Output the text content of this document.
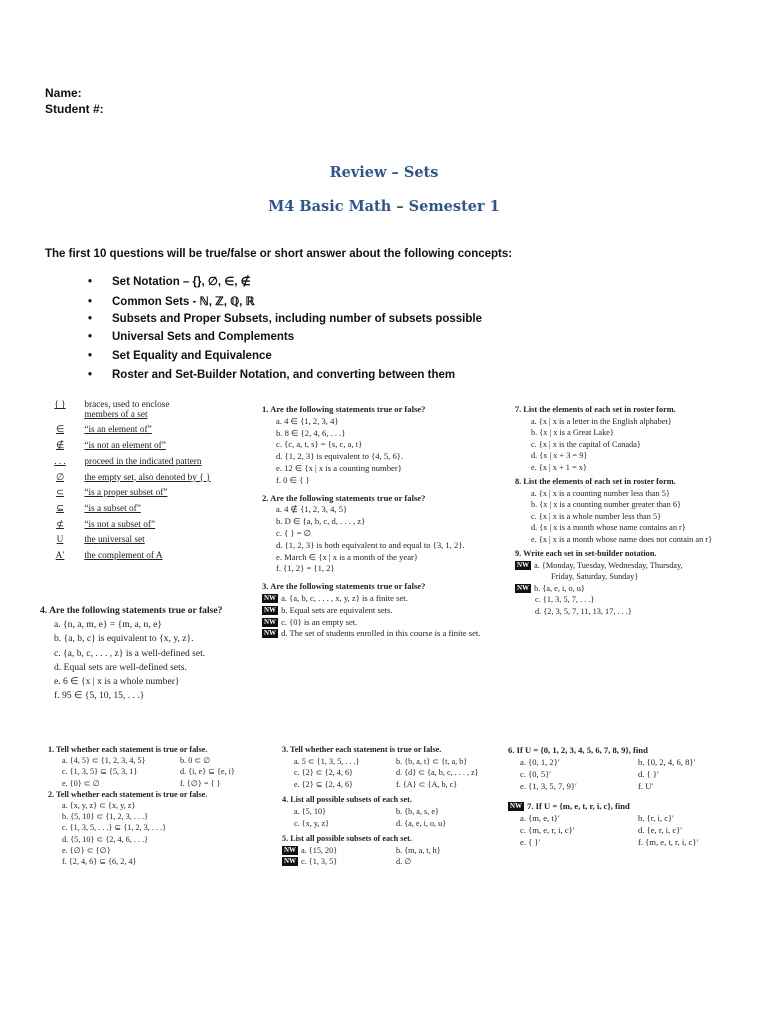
Name:
Student #:
Review – Sets
M4 Basic Math – Semester 1
The first 10 questions will be true/false or short answer about the following concepts:
• Set Notation – {}, ∅, ∈, ∉
• Common Sets - ℕ, ℤ, ℚ, ℝ
• Subsets and Proper Subsets, including number of subsets possible
• Universal Sets and Complements
• Set Equality and Equivalence
• Roster and Set-Builder Notation, and converting between them
{ } braces, used to enclose
members of a set
∈ “is an element of”
∉ “is not an element of”
. . . proceed in the indicated pattern
∅ the empty set, also denoted by { }
⊂ “is a proper subset of”
⊆ “is a subset of”
⊄ “is not a subset of”
U the universal set
A′ the complement of A
4. Are the following statements true or false?
a. {n, a, m, e} = {m, a, n, e}
b. {a, b, c} is equivalent to {x, y, z}.
c. {a, b, c, . . . , z} is a well-defined set.
d. Equal sets are well-defined sets.
e. 6 ∈ {x | x is a whole number}
f. 95 ∈ {5, 10, 15, . . .}
1. Are the following statements true or false?
a. 4 ∈ {1, 2, 3, 4}
b. 8 ∈ {2, 4, 6, . . .}
c. {c, a, t, s} = {s, c, a, t}
d. {1, 2, 3} is equivalent to {4, 5, 6}.
e. 12 ∈ {x | x is a counting number}
f. 0 ∈ { }
2. Are the following statements true or false?
a. 4 ∉ {1, 2, 3, 4, 5}
b. D ∈ {a, b, c, d, . . . , z}
c. { } = ∅
d. {1, 2, 3} is both equivalent to and equal to {3, 1, 2}.
e. March ∈ {x | x is a month of the year}
f. {1, 2} = {1, 2}
3. Are the following statements true or false?
NW a. {a, b, c, . . . , x, y, z} is a finite set.
NW b. Equal sets are equivalent sets.
NW c. {0} is an empty set.
NW d. The set of students enrolled in this course is a finite set.
7. List the elements of each set in roster form.
a. {x | x is a letter in the English alphabet}
b. {x | x is a Great Lake}
c. {x | x is the capital of Canada}
d. {x | x + 3 = 9}
e. {x | x + 1 = x}
8. List the elements of each set in roster form.
a. {x | x is a counting number less than 5}
b. {x | x is a counting number greater than 6}
c. {x | x is a whole number less than 5}
d. {x | x is a month whose name contains an r}
e. {x | x is a month whose name does not contain an r}
9. Write each set in set-builder notation.
NW a. {Monday, Tuesday, Wednesday, Thursday,
Friday, Saturday, Sunday}
NW b. {a, e, i, o, u}
c. {1, 3, 5, 7, . . .}
d. {2, 3, 5, 7, 11, 13, 17, . . .}
1. Tell whether each statement is true or false.
a. {4, 5} ⊂ {1, 2, 3, 4, 5}	b. 0 ⊂ ∅
c. {1, 3, 5} ⊆ {5, 3, 1}	d. {i, e} ⊆ {e, i}
e. {0} ⊂ ∅	f. {∅} = { }
2. Tell whether each statement is true or false.
a. {x, y, z} ⊂ {x, y, z}
b. {5, 10} ⊂ {1, 2, 3, . . .}
c. {1, 3, 5, . . .} ⊆ {1, 2, 3, . . .}
d. {5, 10} ⊂ {2, 4, 6, . . .}
e. {∅} ⊂ {∅}
f. {2, 4, 6} ⊆ {6, 2, 4}
3. Tell whether each statement is true or false.
a. 5 ⊂ {1, 3, 5, . . .}	b. {b, a, t} ⊂ {t, a, b}
c. {2} ⊂ {2, 4, 6}	d. {d} ⊂ {a, b, c, . . . , z}
e. {2} ⊆ {2, 4, 6}	f. {A} ⊂ {A, b, c}
4. List all possible subsets of each set.
a. {5, 10}	b. {b, a, s, e}
c. {x, y, z}	d. {a, e, i, o, u}
5. List all possible subsets of each set.
NW a. {15, 20}	b. {m, a, t, h}
NW c. {1, 3, 5}	d. ∅
6. If U = {0, 1, 2, 3, 4, 5, 6, 7, 8, 9}, find
a. {0, 1, 2}′	b. {0, 2, 4, 6, 8}′
c. {0, 5}′	d. { }′
e. {1, 3, 5, 7, 9}′	f. U′
NW 7. If U = {m, e, t, r, i, c}, find
a. {m, e, t}′	b. {r, i, c}′
c. {m, e, r, i, c}′	d. {e, r, i, c}′
e. { }′	f. {m, e, t, r, i, c}′
